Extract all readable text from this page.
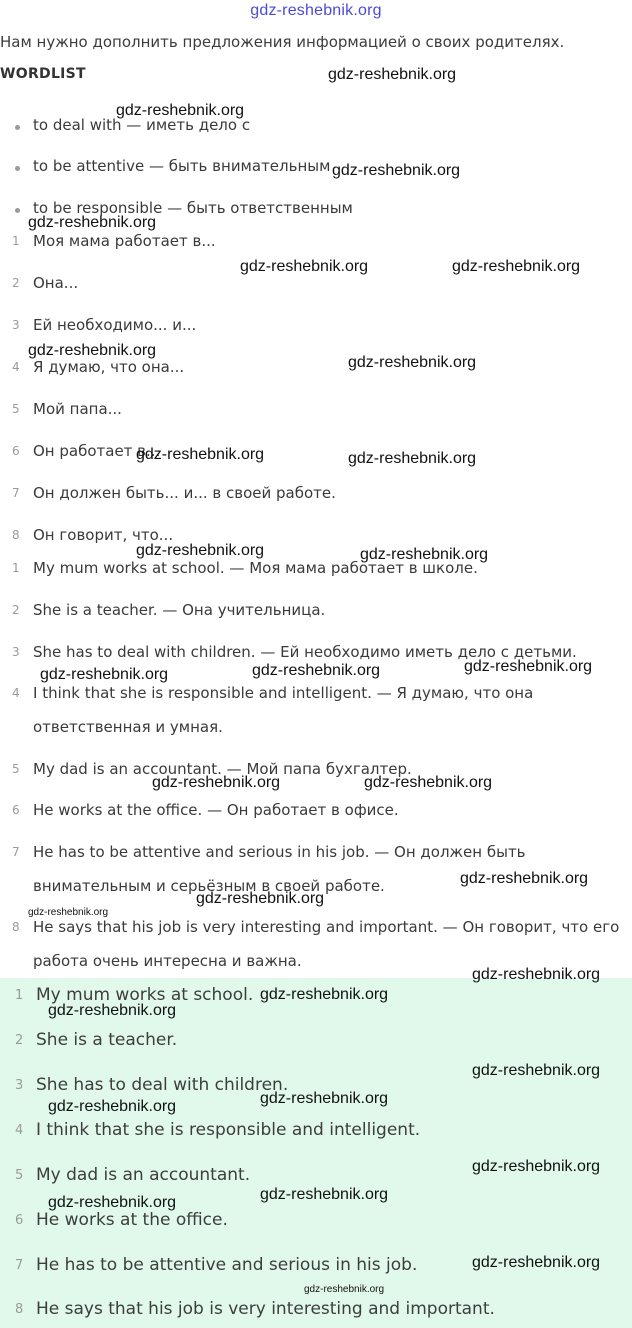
gdz-reshebnik.org
Нам нужно дополнить предложения информацией о своих родителях.
WORDLIST
to deal with — иметь дело с
to be attentive — быть внимательным
to be responsible — быть ответственным
1 Моя мама работает в...
2 Она...
3 Ей необходимо... и...
4 Я думаю, что она...
5 Мой папа...
6 Он работает в...
7 Он должен быть... и... в своей работе.
8 Он говорит, что...
1 My mum works at school. — Моя мама работает в школе.
2 She is a teacher. — Она учительница.
3 She has to deal with children. — Ей необходимо иметь дело с детьми.
4 I think that she is responsible and intelligent. — Я думаю, что она ответственная и умная.
5 My dad is an accountant. — Мой папа бухгалтер.
6 He works at the office. — Он работает в офисе.
7 He has to be attentive and serious in his job. — Он должен быть внимательным и серьёзным в своей работе.
8 He says that his job is very interesting and important. — Он говорит, что его работа очень интересна и важна.
1 My mum works at school.
2 She is a teacher.
3 She has to deal with children.
4 I think that she is responsible and intelligent.
5 My dad is an accountant.
6 He works at the office.
7 He has to be attentive and serious in his job.
8 He says that his job is very interesting and important.
gdz-reshebnik.org
gdz-reshebnik.org
gdz-reshebnik.org
gdz-reshebnik.org
gdz-reshebnik.org	gdz-reshebnik.org
gdz-reshebnik.org
gdz-reshebnik.org
gdz-reshebnik.org	gdz-reshebnik.org
gdz-reshebnik.org	gdz-reshebnik.org
gdz-reshebnik.org	gdz-reshebnik.org	gdz-reshebnik.org
gdz-reshebnik.org	gdz-reshebnik.org
gdz-reshebnik.org
gdz-reshebnik.org
gdz-reshebnik.org
gdz-reshebnik.org
gdz-reshebnik.org
gdz-reshebnik.org
gdz-reshebnik.org
gdz-reshebnik.org
gdz-reshebnik.org
gdz-reshebnik.org
gdz-reshebnik.org
gdz-reshebnik.org
gdz-reshebnik.org
gdz-reshebnik.org
